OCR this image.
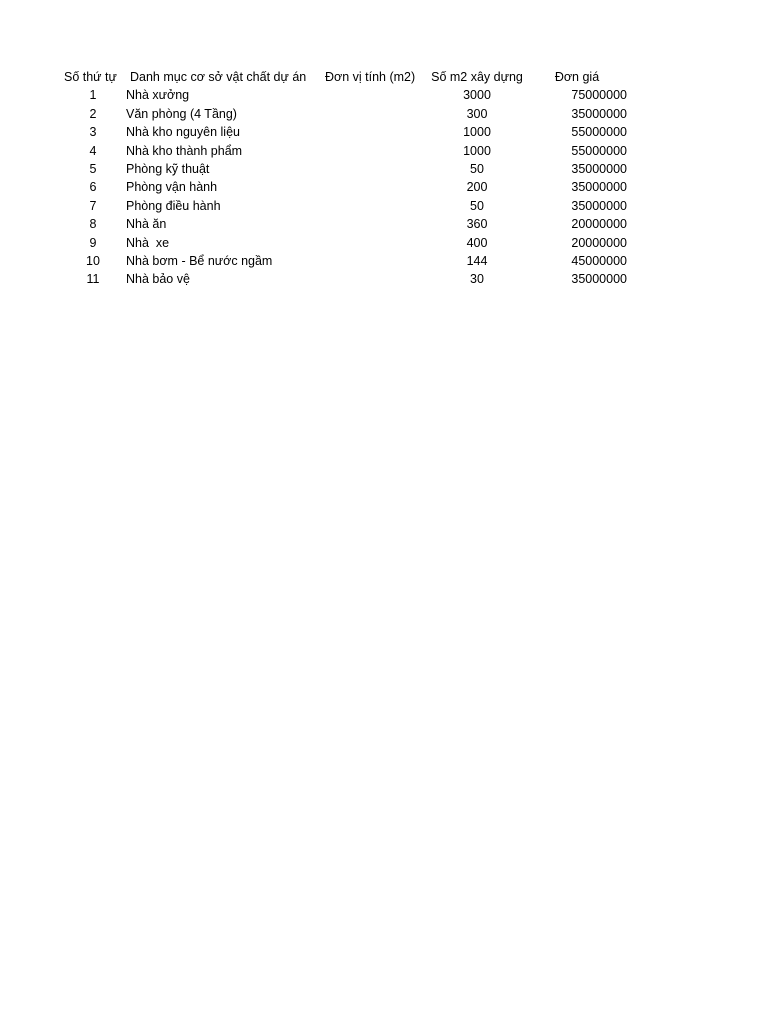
Số thứ tự	Danh mục cơ sở vật chất dự án	Đơn vị tính (m2)	Số m2 xây dựng	Đơn giá
1	Nhà xưởng		3000	75000000
2	Văn phòng (4 Tầng)		300	35000000
3	Nhà kho nguyên liệu		1000	55000000
4	Nhà kho thành phẩm		1000	55000000
5	Phòng kỹ thuật		50	35000000
6	Phòng vận hành		200	35000000
7	Phòng điều hành		50	35000000
8	Nhà ăn		360	20000000
9	Nhà  xe		400	20000000
10	Nhà bơm - Bể nước ngầm		144	45000000
11	Nhà bảo vệ		30	35000000
